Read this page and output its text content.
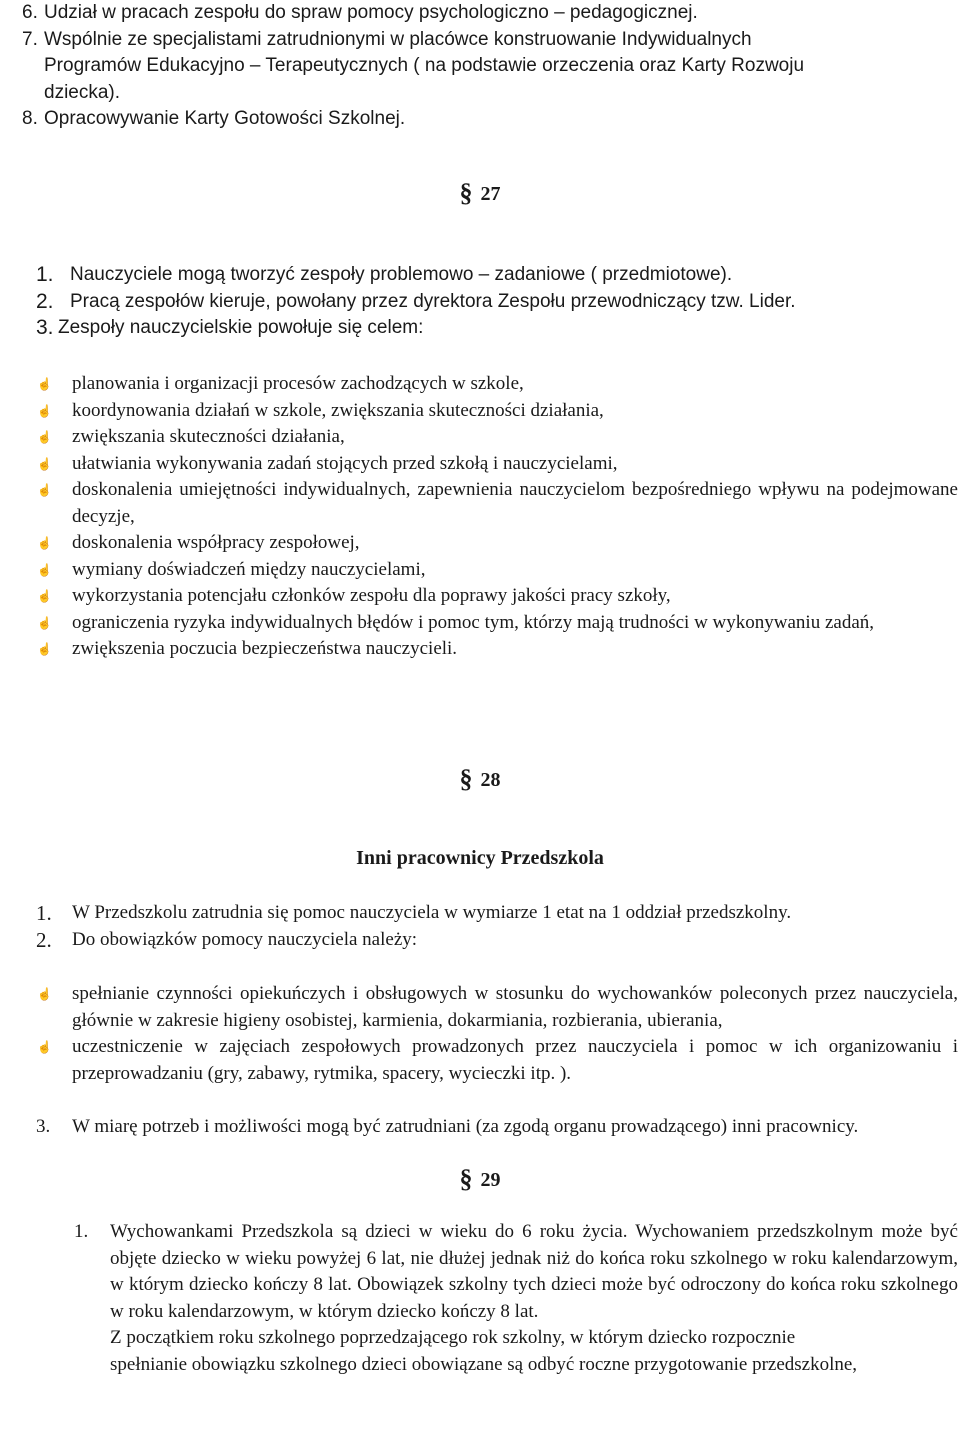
6. Udział w pracach zespołu do spraw pomocy psychologiczno – pedagogicznej.
7. Wspólnie ze specjalistami zatrudnionymi w placówce konstruowanie Indywidualnych Programów Edukacyjno – Terapeutycznych ( na podstawie orzeczenia oraz Karty Rozwoju dziecka).
8. Opracowywanie Karty Gotowości Szkolnej.
§ 27
1. Nauczyciele mogą tworzyć zespoły problemowo – zadaniowe ( przedmiotowe).
2. Pracą zespołów kieruje, powołany przez dyrektora Zespołu przewodniczący tzw. Lider.
3. Zespoły nauczycielskie powołuje się celem:
☝	planowania i organizacji procesów zachodzących w szkole,
☝	koordynowania działań w szkole, zwiększania skuteczności działania,
☝	zwiększania skuteczności działania,
☝	ułatwiania wykonywania zadań stojących przed szkołą i nauczycielami,
☝	doskonalenia umiejętności indywidualnych, zapewnienia nauczycielom bezpośredniego wpływu na podejmowane decyzje,
☝	doskonalenia współpracy zespołowej,
☝	wymiany doświadczeń między nauczycielami,
☝	wykorzystania potencjału członków zespołu dla poprawy jakości pracy szkoły,
☝	ograniczenia ryzyka indywidualnych błędów i pomoc tym, którzy mają trudności w wykonywaniu zadań,
☝	zwiększenia poczucia bezpieczeństwa nauczycieli.
§ 28
Inni pracownicy Przedszkola
1.	W Przedszkolu zatrudnia się pomoc nauczyciela w wymiarze 1 etat na 1 oddział przedszkolny.
2.	Do obowiązków pomocy nauczyciela należy:
☝	spełnianie czynności opiekuńczych i obsługowych w stosunku do wychowanków poleconych przez nauczyciela, głównie w zakresie higieny osobistej, karmienia, dokarmiania, rozbierania, ubierania,
☝	uczestniczenie w zajęciach zespołowych prowadzonych przez nauczyciela i pomoc w ich organizowaniu i przeprowadzaniu (gry, zabawy, rytmika, spacery, wycieczki itp. ).
3.	W miarę potrzeb i możliwości mogą być zatrudniani (za zgodą organu prowadzącego) inni pracownicy.
§ 29
1.	Wychowankami Przedszkola są dzieci w wieku do 6 roku życia. Wychowaniem przedszkolnym może być objęte dziecko w wieku powyżej 6 lat, nie dłużej jednak niż do końca roku szkolnego w roku kalendarzowym, w którym dziecko kończy 8 lat. Obowiązek szkolny tych dzieci może być odroczony do końca roku szkolnego w roku kalendarzowym, w którym dziecko kończy 8 lat.
Z początkiem roku szkolnego poprzedzającego rok szkolny, w którym dziecko rozpocznie spełnianie obowiązku szkolnego dzieci obowiązane są odbyć roczne przygotowanie przedszkolne,
